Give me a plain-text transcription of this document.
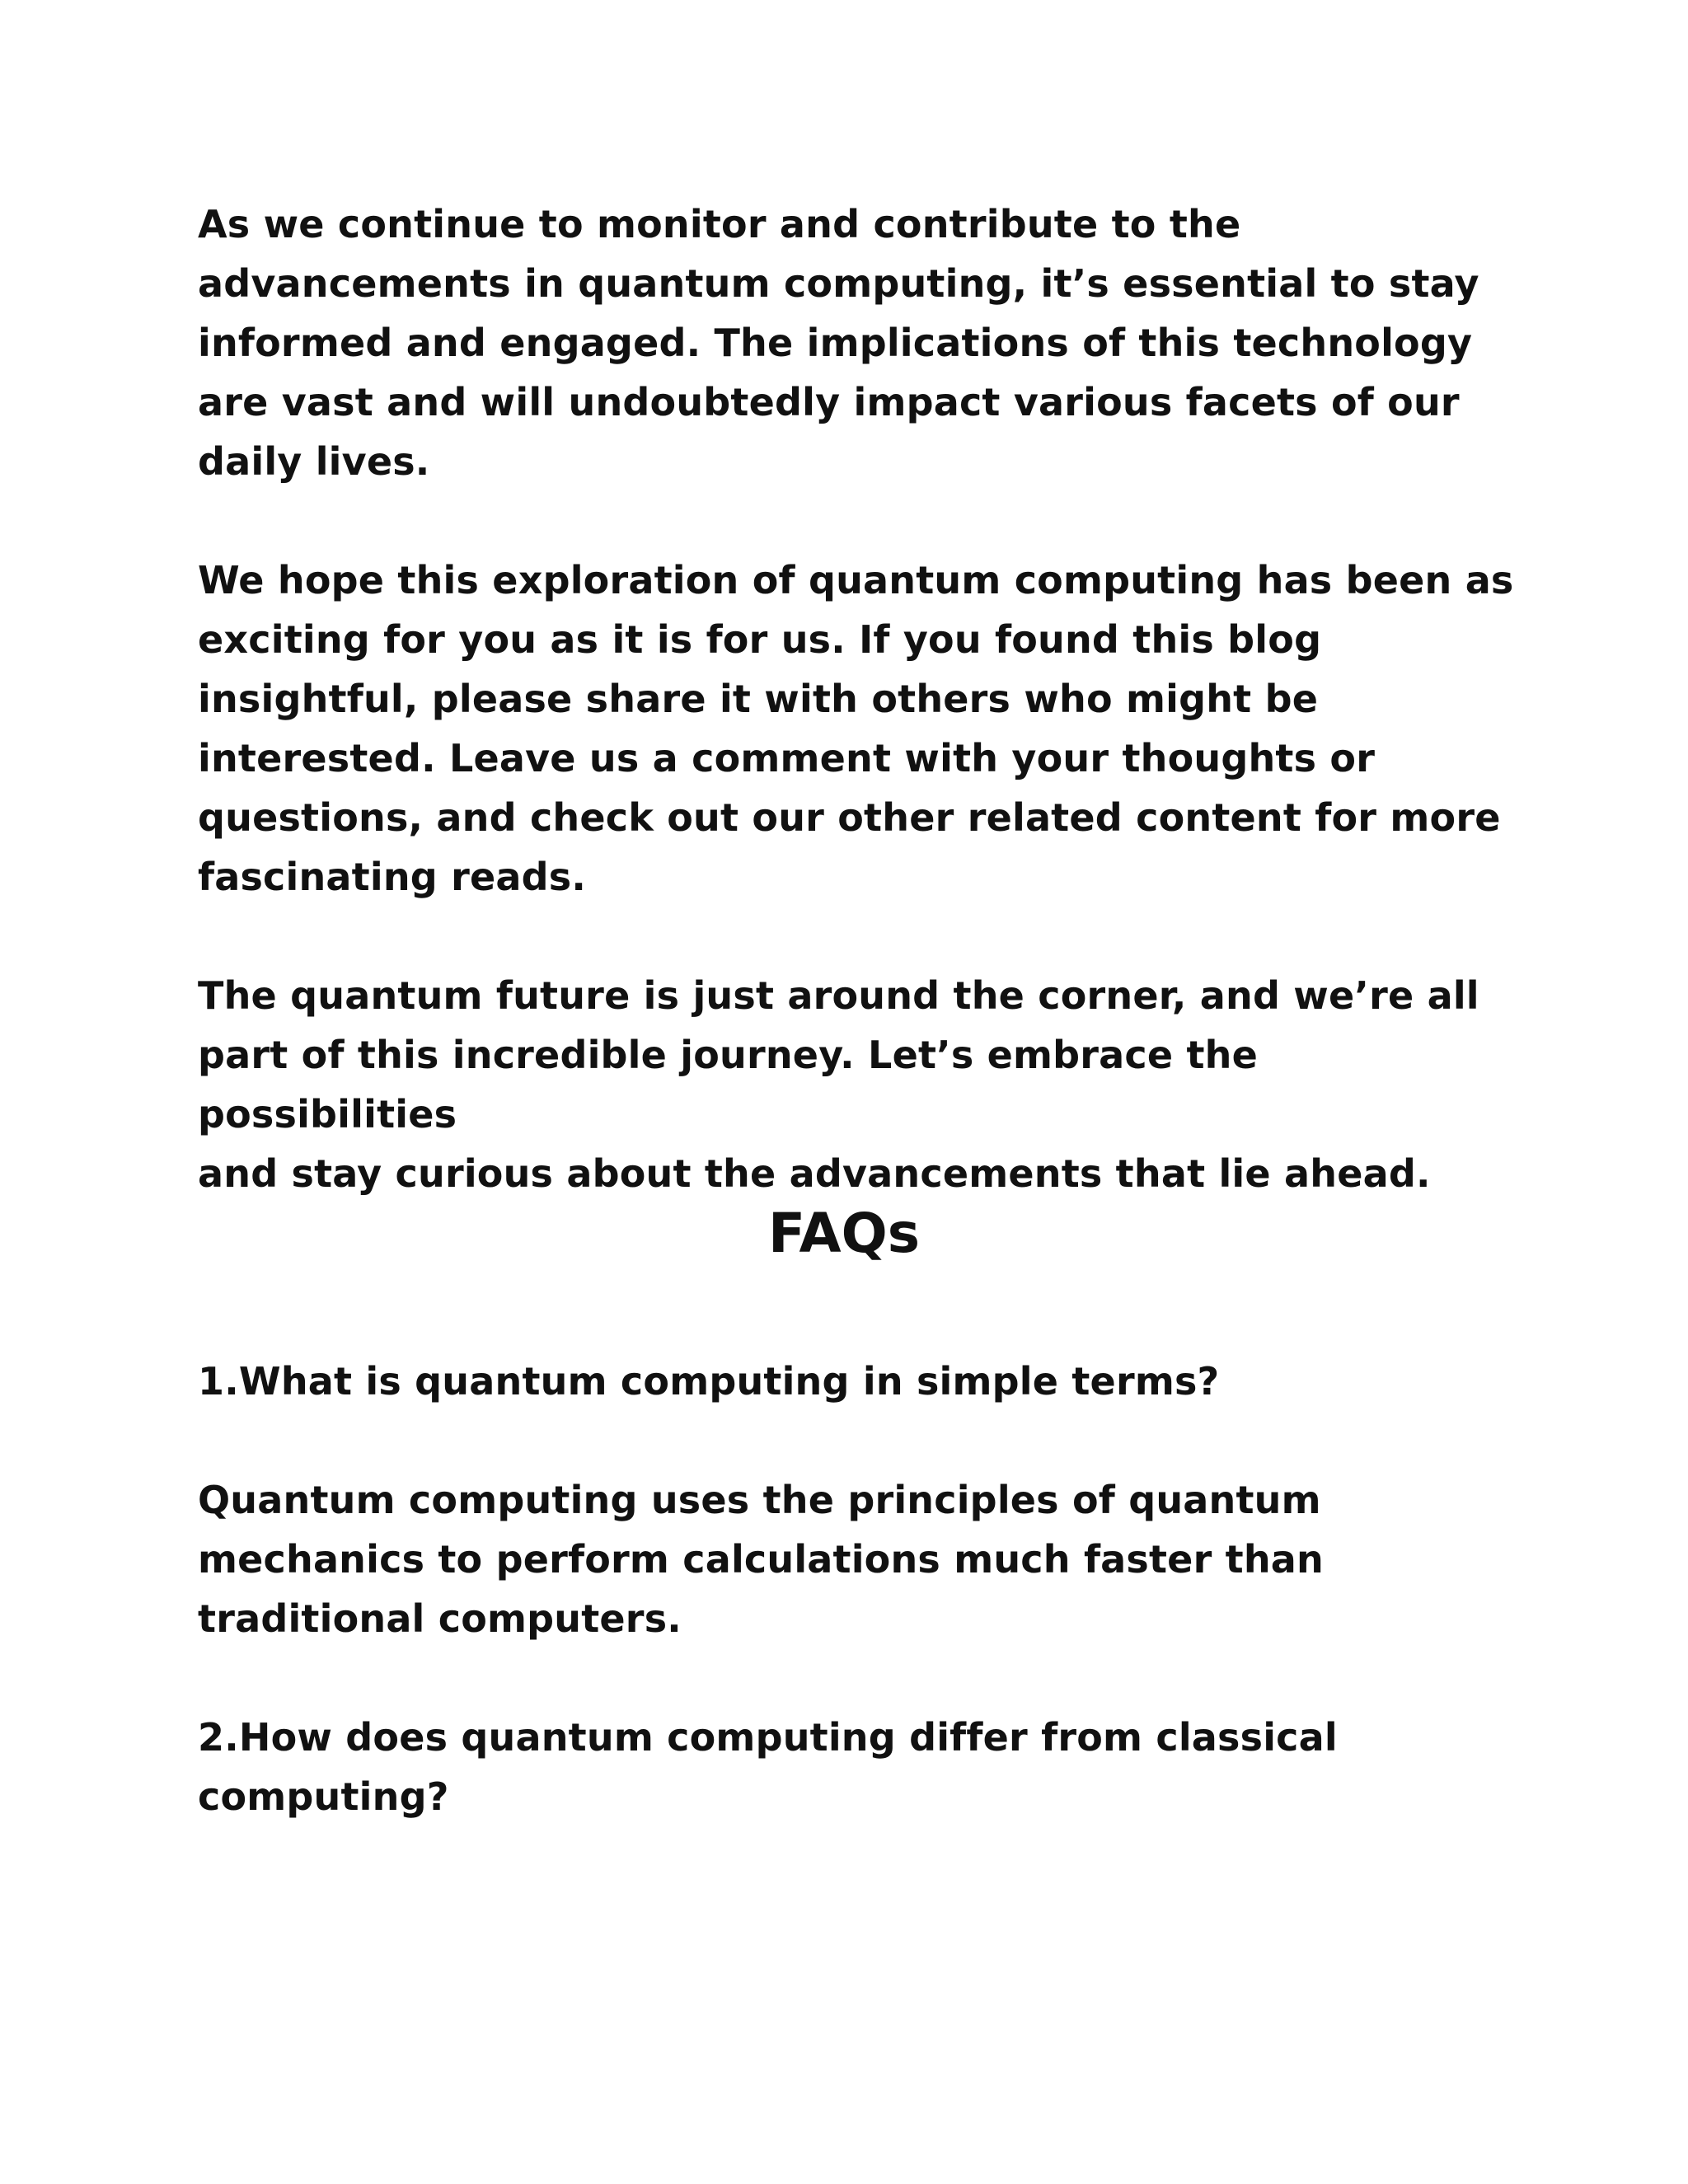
As we continue to monitor and contribute to the
advancements in quantum computing, it’s essential to stay
informed and engaged. The implications of this technology
are vast and will undoubtedly impact various facets of our
daily lives.

We hope this exploration of quantum computing has been as
exciting for you as it is for us. If you found this blog
insightful, please share it with others who might be
interested. Leave us a comment with your thoughts or
questions, and check out our other related content for more
fascinating reads.

The quantum future is just around the corner, and we’re all
part of this incredible journey. Let’s embrace the possibilities
and stay curious about the advancements that lie ahead.

FAQs

1.What is quantum computing in simple terms?

Quantum computing uses the principles of quantum
mechanics to perform calculations much faster than
traditional computers.

2.How does quantum computing differ from classical
computing?
